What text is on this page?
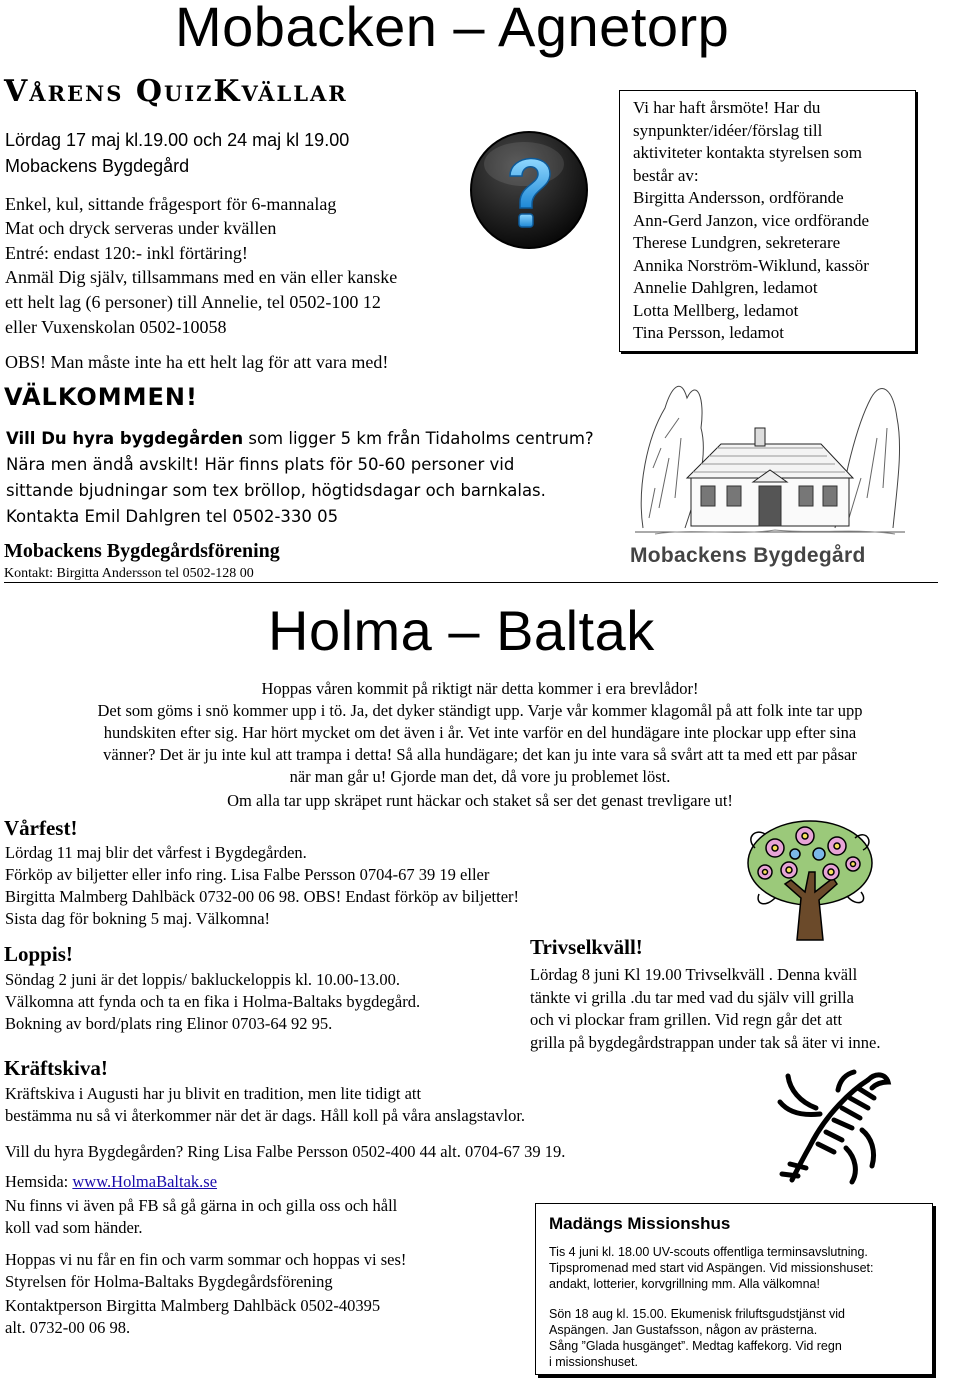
Mobacken – Agnetorp
Vårens QuizKvällar
Lördag 17 maj kl.19.00 och 24 maj kl 19.00
Mobackens Bygdegård
Enkel, kul, sittande frågesport för 6-mannalag
Mat och dryck serveras under kvällen
Entré: endast 120:- inkl förtäring!
Anmäl Dig själv, tillsammans med en vän eller kanske
ett helt lag (6 personer) till Annelie, tel 0502-100 12
eller Vuxenskolan 0502-10058
OBS! Man måste inte ha ett helt lag för att vara med!
VÄLKOMMEN!
Vi har haft årsmöte! Har du
synpunkter/idéer/förslag till
aktiviteter kontakta styrelsen som
består av:
Birgitta Andersson, ordförande
Ann-Gerd Janzon, vice ordförande
Therese Lundgren, sekreterare
Annika Norström-Wiklund, kassör
Annelie Dahlgren, ledamot
Lotta Mellberg, ledamot
Tina Persson, ledamot
Mobackens Bygdegård
Vill Du hyra bygdegården som ligger 5 km från Tidaholms centrum?
Nära men ändå avskilt! Här finns plats för 50-60 personer vid
sittande bjudningar som tex bröllop, högtidsdagar och barnkalas.
Kontakta Emil Dahlgren tel 0502-330 05
Mobackens Bygdegårdsförening
Kontakt: Birgitta Andersson tel 0502-128 00
Holma – Baltak
Hoppas våren kommit på riktigt när detta kommer i era brevlådor!
Det som göms i snö kommer upp i tö. Ja, det dyker ständigt upp. Varje vår kommer klagomål på att folk inte tar upp
hundskiten efter sig. Har hört mycket om det även i år. Vet inte varför en del hundägare inte plockar upp efter sina
vänner? Det är ju inte kul att trampa i detta! Så alla hundägare; det kan ju inte vara så svårt att ta med ett par påsar
när man går u! Gjorde man det, då vore ju problemet löst.
Om alla tar upp skräpet runt häckar och staket så ser det genast trevligare ut!
Vårfest!
Lördag 11 maj blir det vårfest i Bygdegården.
Förköp av biljetter eller info ring. Lisa Falbe Persson 0704-67 39 19 eller
Birgitta Malmberg Dahlbäck 0732-00 06 98. OBS! Endast förköp av biljetter!
Sista dag för bokning 5 maj. Välkomna!
Loppis!
Söndag 2 juni är det loppis/ bakluckeloppis kl. 10.00-13.00.
Välkomna att fynda och ta en fika i Holma-Baltaks bygdegård.
Bokning av bord/plats ring Elinor 0703-64 92 95.
Trivselkväll!
Lördag 8 juni Kl 19.00 Trivselkväll . Denna kväll
tänkte vi grilla .du tar med vad du själv vill grilla
och vi plockar fram grillen. Vid regn går det att
grilla på bygdegårdstrappan under tak så äter vi inne.
Kräftskiva!
Kräftskiva i Augusti har ju blivit en tradition, men lite tidigt att
bestämma nu så vi återkommer när det är dags. Håll koll på våra anslagstavlor.
Vill du hyra Bygdegården? Ring Lisa Falbe Persson 0502-400 44 alt. 0704-67 39 19.
Hemsida: www.HolmaBaltak.se
Nu finns vi även på FB så gå gärna in och gilla oss och håll
koll vad som händer.
Hoppas vi nu får en fin och varm sommar och hoppas vi ses!
Styrelsen för Holma-Baltaks Bygdegårdsförening
Kontaktperson Birgitta Malmberg Dahlbäck 0502-40395
alt. 0732-00 06 98.
Madängs Missionshus
Tis 4 juni kl. 18.00 UV-scouts offentliga terminsavslutning.
Tipspromenad med start vid Aspängen. Vid missionshuset:
andakt, lotterier, korvgrillning mm. Alla välkomna!
Sön 18 aug kl. 15.00. Ekumenisk friluftsgudstjänst vid
Aspängen. Jan Gustafsson, någon av prästerna.
Sång ”Glada husgänget”. Medtag kaffekorg. Vid regn
i missionshuset.
